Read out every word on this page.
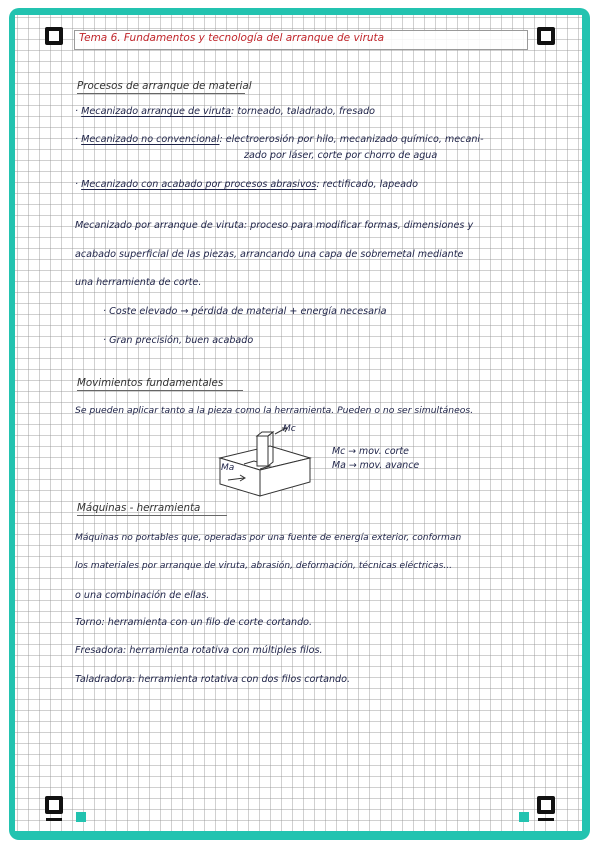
Tema 6. Fundamentos y tecnología del arranque de viruta
Procesos de arranque de material
· Mecanizado arranque de viruta: torneado, taladrado, fresado
· Mecanizado no convencional: electroerosión por hilo, mecanizado químico, mecani-
zado por láser, corte por chorro de agua
· Mecanizado con acabado por procesos abrasivos: rectificado, lapeado
Mecanizado por arranque de viruta: proceso para modificar formas, dimensiones y
acabado superficial de las piezas, arrancando una capa de sobremetal mediante
una herramienta de corte.
· Coste elevado → pérdida de material + energía necesaria
· Gran precisión, buen acabado
Movimientos fundamentales
Se pueden aplicar tanto a la pieza como la herramienta. Pueden o no ser simultáneos.
Mc
Ma
Mc → mov. corte
Ma → mov. avance
Máquinas - herramienta
Máquinas no portables que, operadas por una fuente de energía exterior, conforman
los materiales por arranque de viruta, abrasión, deformación, técnicas eléctricas...
o una combinación de ellas.
Torno: herramienta con un filo de corte cortando.
Fresadora: herramienta rotativa con múltiples filos.
Taladradora: herramienta rotativa con dos filos cortando.
